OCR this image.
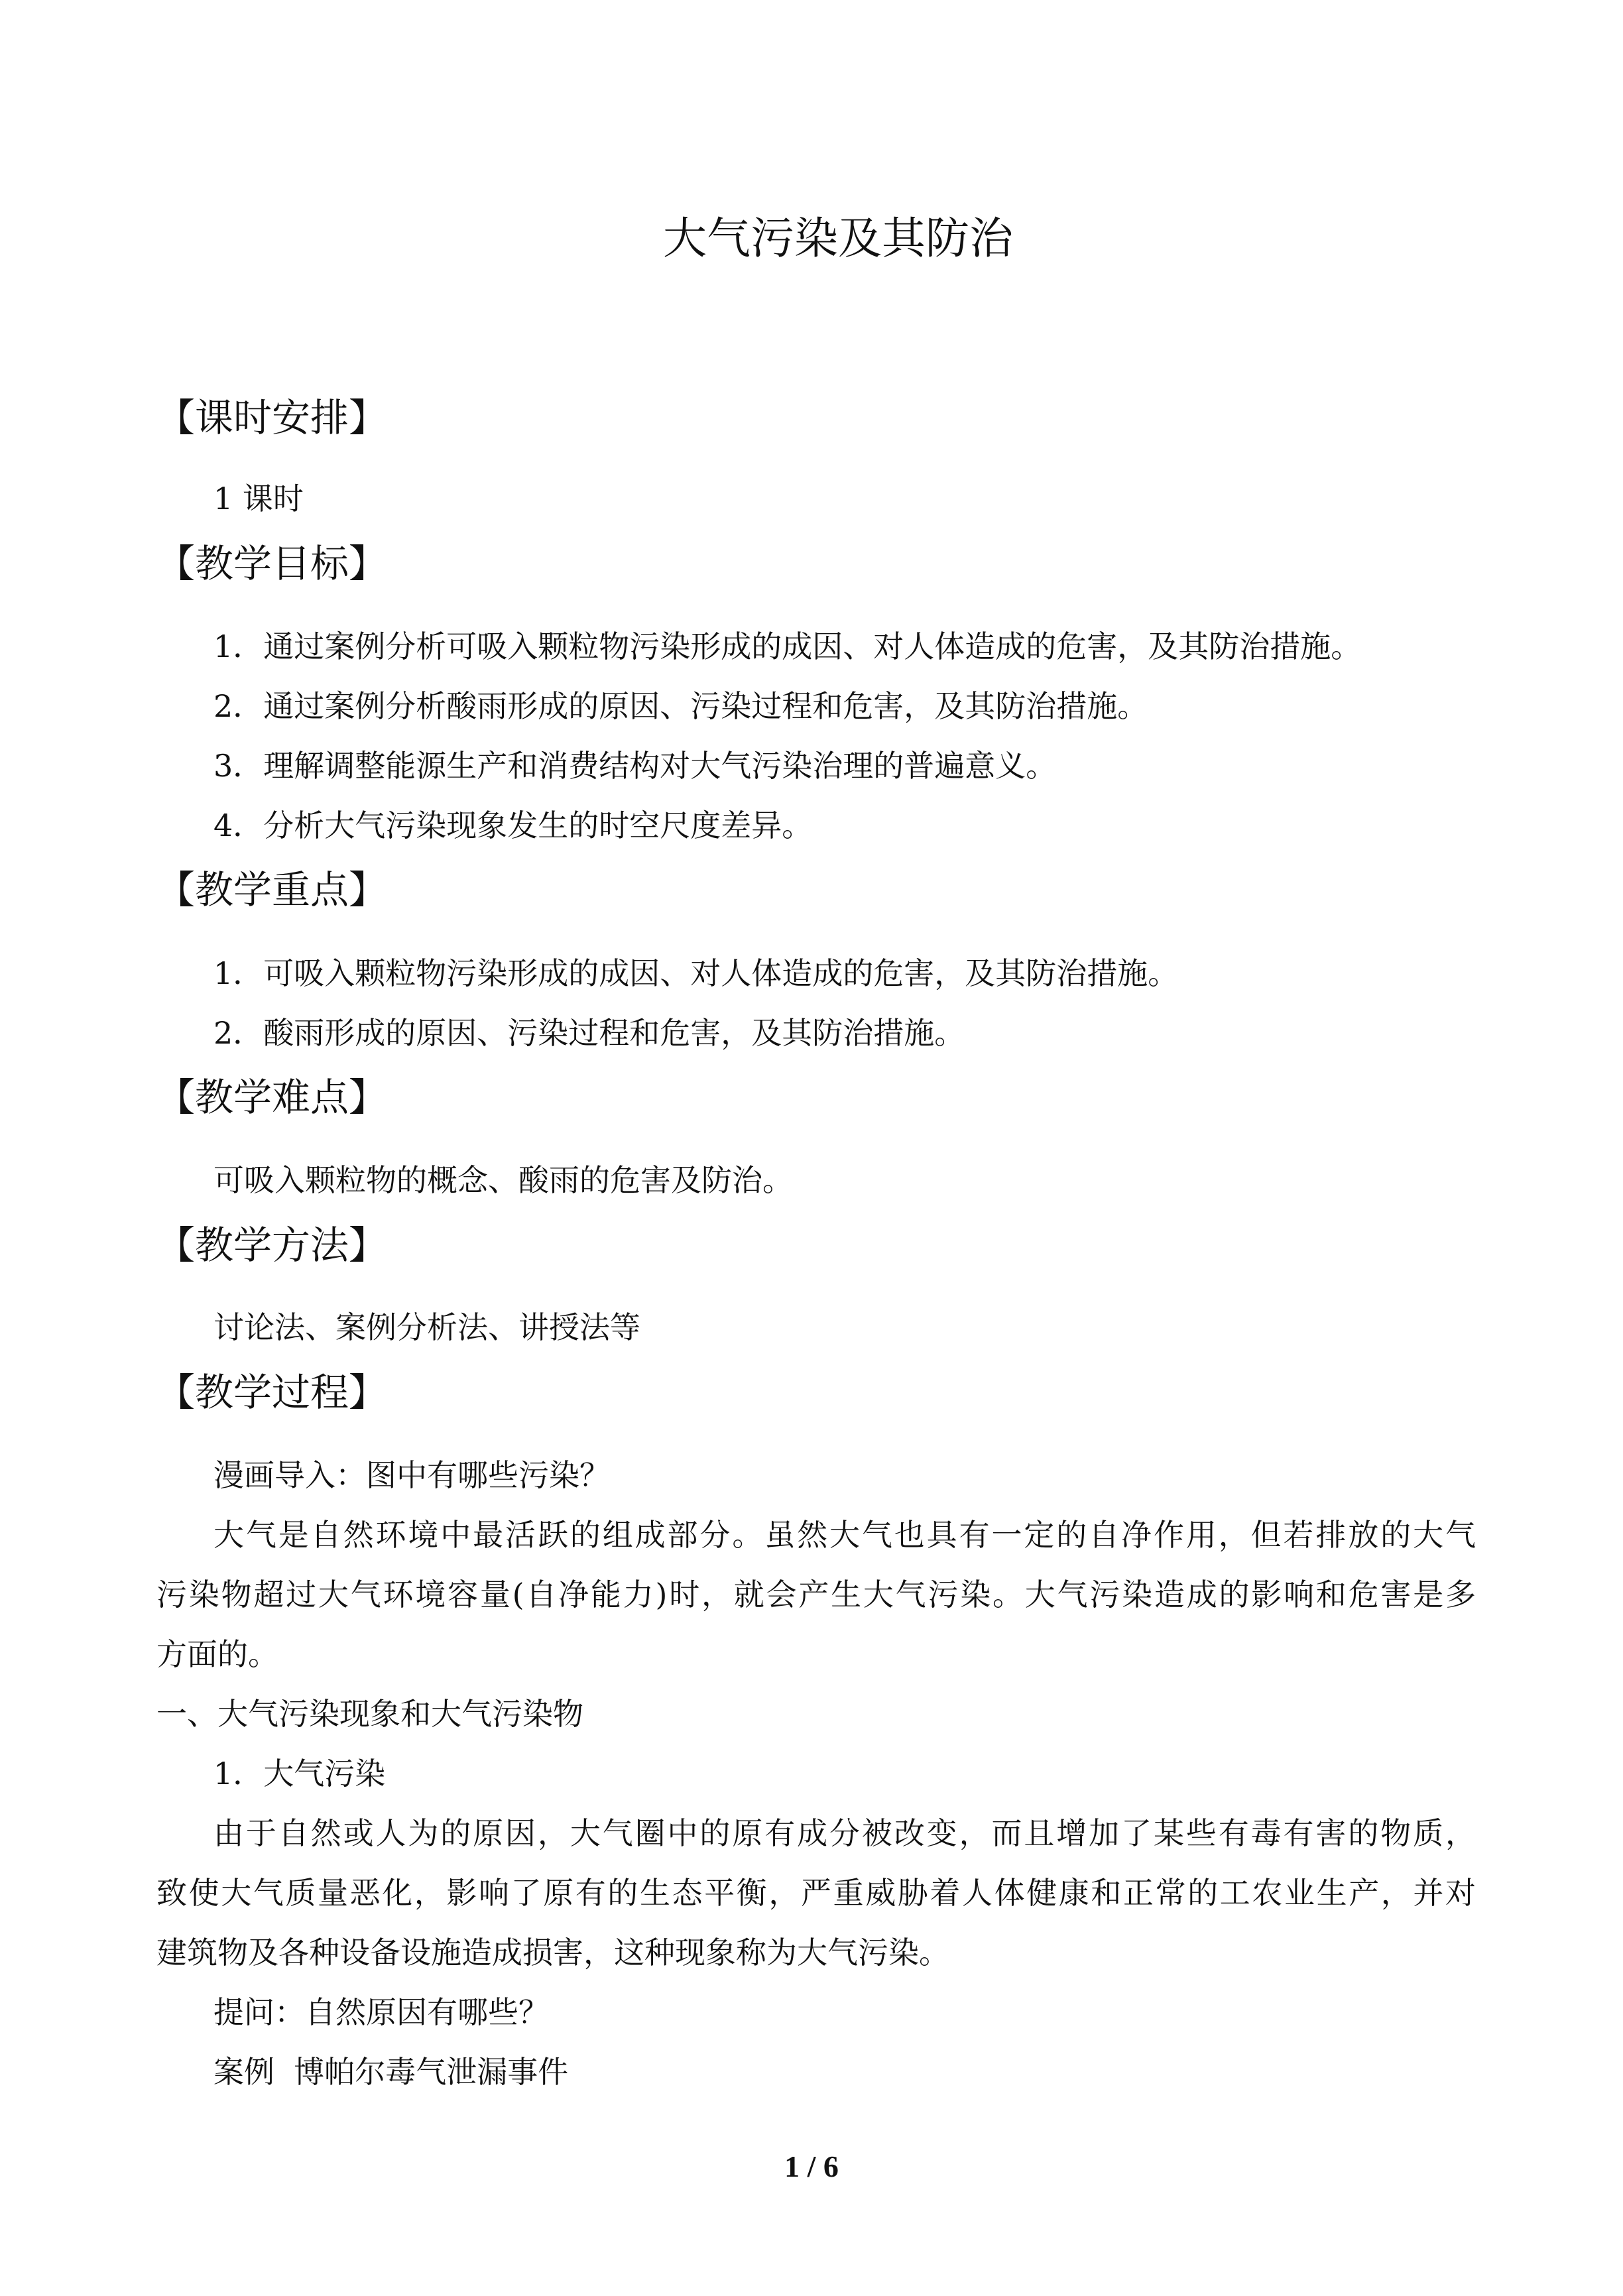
大气污染及其防治
【课时安排】
1 课时
【教学目标】
1．通过案例分析可吸入颗粒物污染形成的成因、对人体造成的危害，及其防治措施。
2．通过案例分析酸雨形成的原因、污染过程和危害，及其防治措施。
3．理解调整能源生产和消费结构对大气污染治理的普遍意义。
4．分析大气污染现象发生的时空尺度差异。
【教学重点】
1．可吸入颗粒物污染形成的成因、对人体造成的危害，及其防治措施。
2．酸雨形成的原因、污染过程和危害，及其防治措施。
【教学难点】
可吸入颗粒物的概念、酸雨的危害及防治。
【教学方法】
讨论法、案例分析法、讲授法等
【教学过程】
漫画导入：图中有哪些污染？
大气是自然环境中最活跃的组成部分。虽然大气也具有一定的自净作用，但若排放的大气
污染物超过大气环境容量(自净能力)时，就会产生大气污染。大气污染造成的影响和危害是多
方面的。
一、大气污染现象和大气污染物
1．大气污染
由于自然或人为的原因，大气圈中的原有成分被改变，而且增加了某些有毒有害的物质，
致使大气质量恶化，影响了原有的生态平衡，严重威胁着人体健康和正常的工农业生产，并对
建筑物及各种设备设施造成损害，这种现象称为大气污染。
提问：自然原因有哪些？
案例  博帕尔毒气泄漏事件
1 / 6
